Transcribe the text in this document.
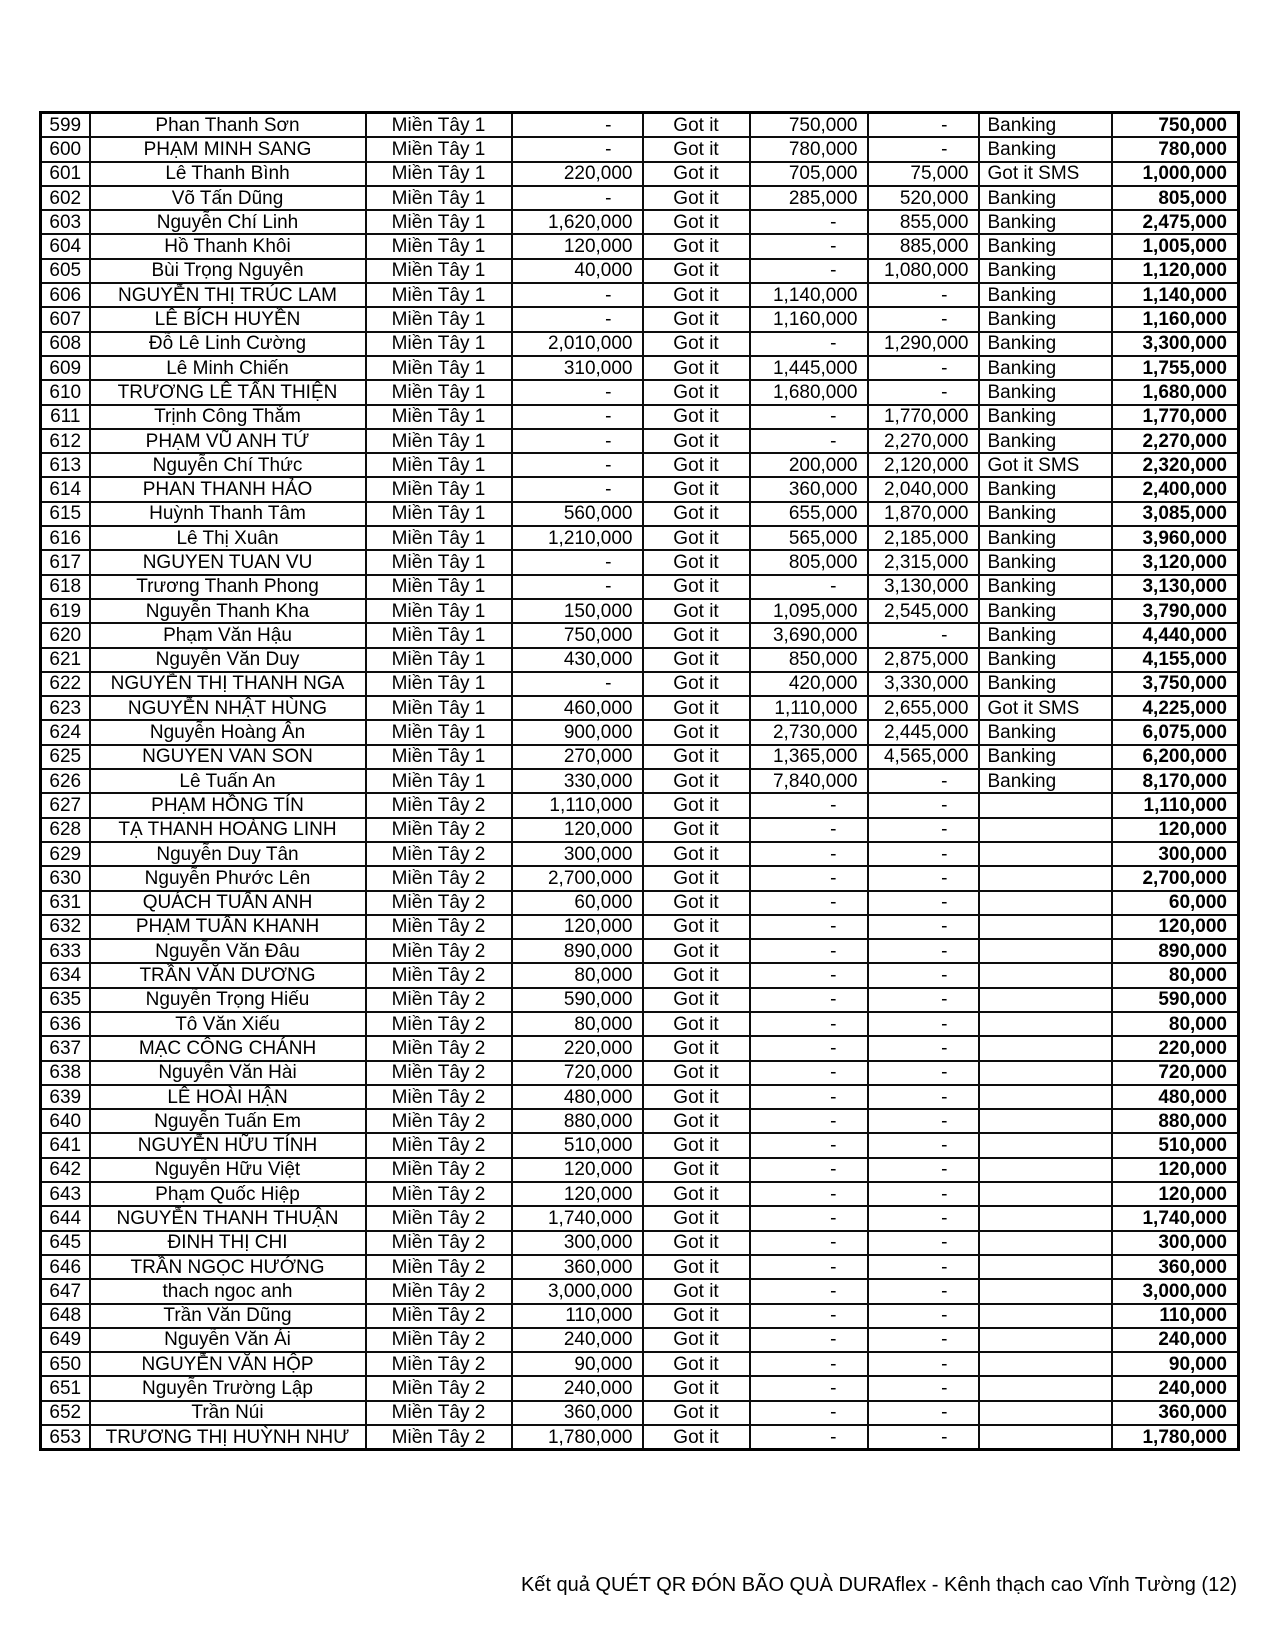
599	Phan Thanh Sơn	Miền Tây 1	-	Got it	750,000	-	Banking	750,000
600	PHẠM MINH SANG	Miền Tây 1	-	Got it	780,000	-	Banking	780,000
601	Lê Thanh Bình	Miền Tây 1	220,000	Got it	705,000	75,000	Got it SMS	1,000,000
602	Võ Tấn Dũng	Miền Tây 1	-	Got it	285,000	520,000	Banking	805,000
603	Nguyễn Chí Linh	Miền Tây 1	1,620,000	Got it	-	855,000	Banking	2,475,000
604	Hồ Thanh Khôi	Miền Tây 1	120,000	Got it	-	885,000	Banking	1,005,000
605	Bùi Trọng Nguyễn	Miền Tây 1	40,000	Got it	-	1,080,000	Banking	1,120,000
606	NGUYỄN THỊ TRÚC LAM	Miền Tây 1	-	Got it	1,140,000	-	Banking	1,140,000
607	LÊ BÍCH HUYỀN	Miền Tây 1	-	Got it	1,160,000	-	Banking	1,160,000
608	Đỗ Lê Linh Cường	Miền Tây 1	2,010,000	Got it	-	1,290,000	Banking	3,300,000
609	Lê Minh Chiến	Miền Tây 1	310,000	Got it	1,445,000	-	Banking	1,755,000
610	TRƯƠNG LÊ TẤN THIỆN	Miền Tây 1	-	Got it	1,680,000	-	Banking	1,680,000
611	Trịnh Công Thắm	Miền Tây 1	-	Got it	-	1,770,000	Banking	1,770,000
612	PHẠM VŨ ANH TỨ	Miền Tây 1	-	Got it	-	2,270,000	Banking	2,270,000
613	Nguyễn Chí Thức	Miền Tây 1	-	Got it	200,000	2,120,000	Got it SMS	2,320,000
614	PHAN THANH HẢO	Miền Tây 1	-	Got it	360,000	2,040,000	Banking	2,400,000
615	Huỳnh Thanh Tâm	Miền Tây 1	560,000	Got it	655,000	1,870,000	Banking	3,085,000
616	Lê Thị Xuân	Miền Tây 1	1,210,000	Got it	565,000	2,185,000	Banking	3,960,000
617	NGUYEN TUAN VU	Miền Tây 1	-	Got it	805,000	2,315,000	Banking	3,120,000
618	Trương Thanh Phong	Miền Tây 1	-	Got it	-	3,130,000	Banking	3,130,000
619	Nguyễn Thanh Kha	Miền Tây 1	150,000	Got it	1,095,000	2,545,000	Banking	3,790,000
620	Phạm Văn Hậu	Miền Tây 1	750,000	Got it	3,690,000	-	Banking	4,440,000
621	Nguyễn Văn Duy	Miền Tây 1	430,000	Got it	850,000	2,875,000	Banking	4,155,000
622	NGUYỄN THỊ THANH NGA	Miền Tây 1	-	Got it	420,000	3,330,000	Banking	3,750,000
623	NGUYỄN NHẬT HÙNG	Miền Tây 1	460,000	Got it	1,110,000	2,655,000	Got it SMS	4,225,000
624	Nguyễn Hoàng Ân	Miền Tây 1	900,000	Got it	2,730,000	2,445,000	Banking	6,075,000
625	NGUYEN VAN SON	Miền Tây 1	270,000	Got it	1,365,000	4,565,000	Banking	6,200,000
626	Lê Tuấn An	Miền Tây 1	330,000	Got it	7,840,000	-	Banking	8,170,000
627	PHẠM HỒNG TÍN	Miền Tây 2	1,110,000	Got it	-	-		1,110,000
628	TẠ THANH HOÀNG LINH	Miền Tây 2	120,000	Got it	-	-		120,000
629	Nguyễn Duy Tân	Miền Tây 2	300,000	Got it	-	-		300,000
630	Nguyễn Phước Lên	Miền Tây 2	2,700,000	Got it	-	-		2,700,000
631	QUÁCH TUẤN ANH	Miền Tây 2	60,000	Got it	-	-		60,000
632	PHẠM TUẤN KHANH	Miền Tây 2	120,000	Got it	-	-		120,000
633	Nguyễn Văn Đâu	Miền Tây 2	890,000	Got it	-	-		890,000
634	TRẦN VĂN DƯƠNG	Miền Tây 2	80,000	Got it	-	-		80,000
635	Nguyễn Trọng Hiếu	Miền Tây 2	590,000	Got it	-	-		590,000
636	Tô Văn Xiếu	Miền Tây 2	80,000	Got it	-	-		80,000
637	MẠC CÔNG CHÁNH	Miền Tây 2	220,000	Got it	-	-		220,000
638	Nguyễn Văn Hài	Miền Tây 2	720,000	Got it	-	-		720,000
639	LÊ HOÀI HẬN	Miền Tây 2	480,000	Got it	-	-		480,000
640	Nguyễn Tuấn Em	Miền Tây 2	880,000	Got it	-	-		880,000
641	NGUYỄN HỮU TÍNH	Miền Tây 2	510,000	Got it	-	-		510,000
642	Nguyễn Hữu Việt	Miền Tây 2	120,000	Got it	-	-		120,000
643	Phạm Quốc Hiệp	Miền Tây 2	120,000	Got it	-	-		120,000
644	NGUYỄN THANH THUẬN	Miền Tây 2	1,740,000	Got it	-	-		1,740,000
645	ĐINH THỊ CHI	Miền Tây 2	300,000	Got it	-	-		300,000
646	TRẦN NGỌC HƯỚNG	Miền Tây 2	360,000	Got it	-	-		360,000
647	thach ngoc anh	Miền Tây 2	3,000,000	Got it	-	-		3,000,000
648	Trần Văn Dũng	Miền Tây 2	110,000	Got it	-	-		110,000
649	Nguyễn Văn Ái	Miền Tây 2	240,000	Got it	-	-		240,000
650	NGUYỄN VĂN HỘP	Miền Tây 2	90,000	Got it	-	-		90,000
651	Nguyễn Trường Lập	Miền Tây 2	240,000	Got it	-	-		240,000
652	Trần Núi	Miền Tây 2	360,000	Got it	-	-		360,000
653	TRƯƠNG THỊ HUỲNH NHƯ	Miền Tây 2	1,780,000	Got it	-	-		1,780,000
Kết quả QUÉT QR ĐÓN BÃO QUÀ DURAflex - Kênh thạch cao Vĩnh Tường (12)
